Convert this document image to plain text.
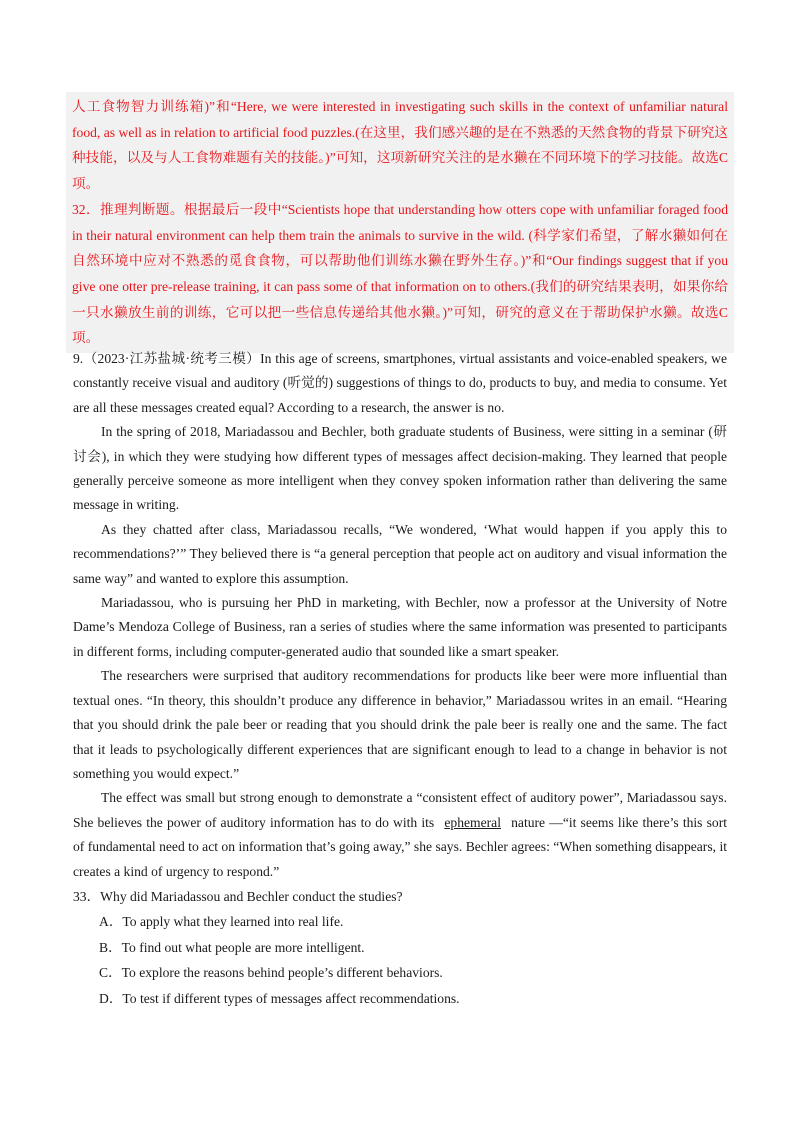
人工食物智力训练箱)”和“Here, we were interested in investigating such skills in the context of unfamiliar natural food, as well as in relation to artificial food puzzles.(在这里，我们感兴趣的是在不熟悉的天然食物的背景下研究这种技能，以及与人工食物难题有关的技能。)”可知，这项新研究关注的是水獭在不同环境下的学习技能。故选C项。

32．推理判断题。根据最后一段中“Scientists hope that understanding how otters cope with unfamiliar foraged food in their natural environment can help them train the animals to survive in the wild. (科学家们希望，了解水獭如何在自然环境中应对不熟悉的觅食食物，可以帮助他们训练水獭在野外生存。)”和“Our findings suggest that if you give one otter pre-release training, it can pass some of that information on to others.(我们的研究结果表明，如果你给一只水獭放生前的训练，它可以把一些信息传递给其他水獭。)”可知，研究的意义在于帮助保护水獭。故选C项。

9.（2023·江苏盐城·统考三模）In this age of screens, smartphones, virtual assistants and voice-enabled speakers, we constantly receive visual and auditory (听觉的) suggestions of things to do, products to buy, and media to consume. Yet are all these messages created equal? According to a research, the answer is no.

In the spring of 2018, Mariadassou and Bechler, both graduate students of Business, were sitting in a seminar (研讨会), in which they were studying how different types of messages affect decision-making. They learned that people generally perceive someone as more intelligent when they convey spoken information rather than delivering the same message in writing.

As they chatted after class, Mariadassou recalls, “We wondered, ‘What would happen if you apply this to recommendations?’” They believed there is “a general perception that people act on auditory and visual information the same way” and wanted to explore this assumption.

Mariadassou, who is pursuing her PhD in marketing, with Bechler, now a professor at the University of Notre Dame’s Mendoza College of Business, ran a series of studies where the same information was presented to participants in different forms, including computer-generated audio that sounded like a smart speaker.

The researchers were surprised that auditory recommendations for products like beer were more influential than textual ones. “In theory, this shouldn’t produce any difference in behavior,” Mariadassou writes in an email. “Hearing that you should drink the pale beer or reading that you should drink the pale beer is really one and the same. The fact that it leads to psychologically different experiences that are significant enough to lead to a change in behavior is not something you would expect.”

The effect was small but strong enough to demonstrate a “consistent effect of auditory power”, Mariadassou says. She believes the power of auditory information has to do with its ephemeral nature —“it seems like there’s this sort of fundamental need to act on information that’s going away,” she says. Bechler agrees: “When something disappears, it creates a kind of urgency to respond.”

33．Why did Mariadassou and Bechler conduct the studies?

A．To apply what they learned into real life.

B．To find out what people are more intelligent.

C．To explore the reasons behind people’s different behaviors.

D．To test if different types of messages affect recommendations.
